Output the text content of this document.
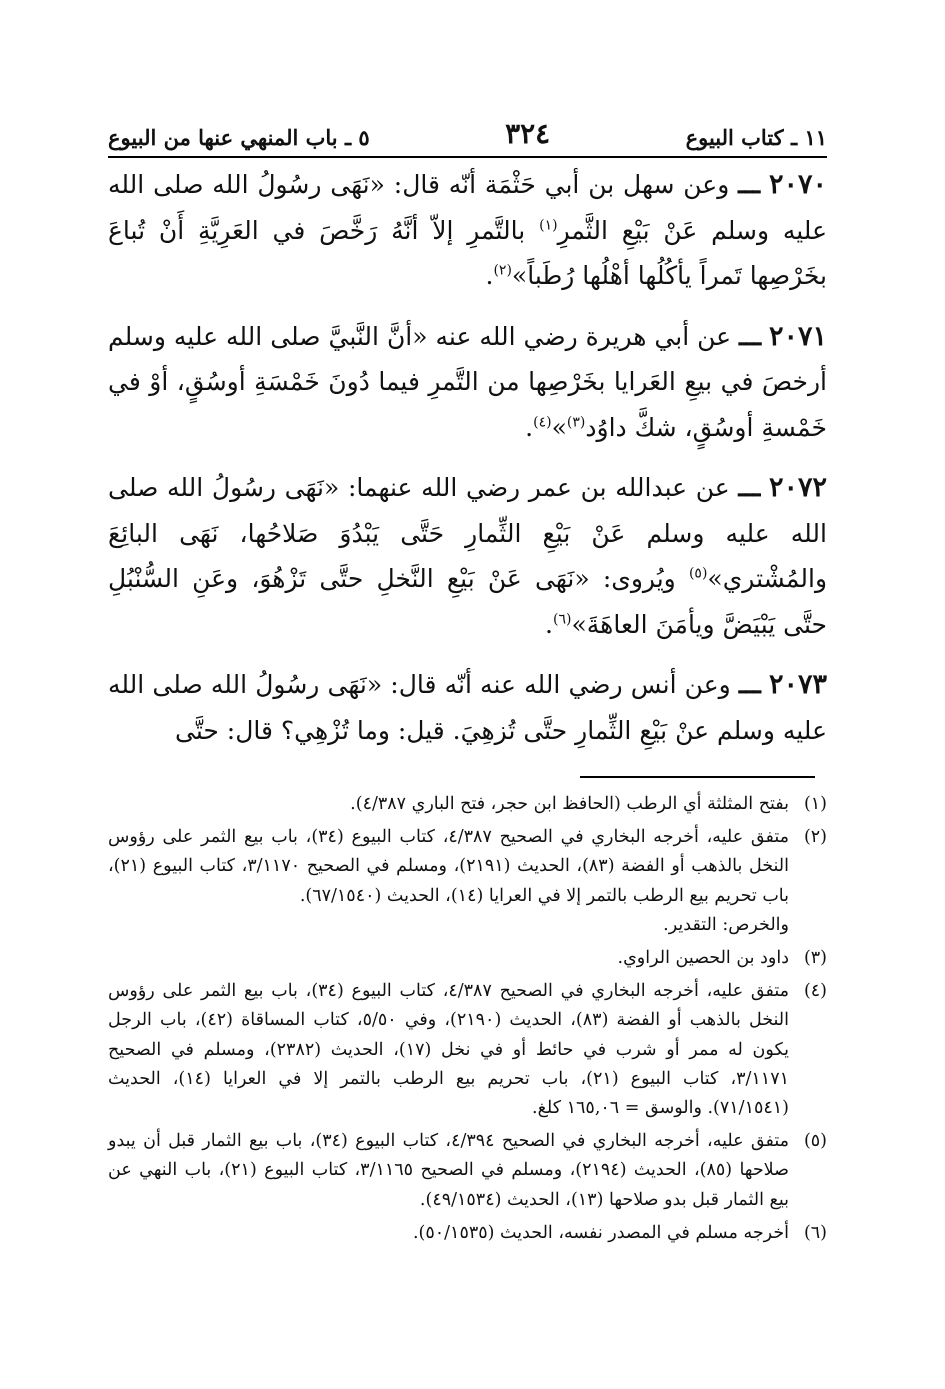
١١ ـ كتاب البيوع
٣٢٤
٥ ـ باب المنهي عنها من البيوع

٢٠٧٠ ـــ وعن سهل بن أبي حَثْمَة أنّه قال: «نَهَى رسُولُ الله صلى الله عليه وسلم عَنْ بَيْعِ الثَّمرِ$^{(١)}$ بالتَّمرِ إلاّ أنَّهُ رَخَّصَ في العَرِيَّةِ أَنْ تُباعَ بخَرْصِها تَمراً يأكُلُها أهْلُها رُطَباً»$^{(٢)}$.

٢٠٧١ ـــ عن أبي هريرة رضي الله عنه «أنَّ النَّبيَّ صلى الله عليه وسلم أرخصَ في بيعِ العَرايا بخَرْصِها من التَّمرِ فيما دُونَ خَمْسَةِ أوسُقٍ، أوْ في خَمْسةِ أوسُقٍ، شكَّ داوُد$^{(٣)}$»$^{(٤)}$.

٢٠٧٢ ـــ عن عبدالله بن عمر رضي الله عنهما: «نَهَى رسُولُ الله صلى الله عليه وسلم عَنْ بَيْعِ الثِّمارِ حَتَّى يَبْدُوَ صَلاحُها، نَهَى البائِعَ والمُشْتري»$^{(٥)}$ ويُروى: «نَهَى عَنْ بَيْعِ النَّخلِ حتَّى تَزْهُوَ، وعَنِ السُّنْبُلِ حتَّى يَبْيَضَّ ويأمَنَ العاهَةَ»$^{(٦)}$.

٢٠٧٣ ـــ وعن أنس رضي الله عنه أنّه قال: «نَهَى رسُولُ الله صلى الله عليه وسلم عنْ بَيْعِ الثِّمارِ حتَّى تُزهِيَ. قيل: وما تُزْهِي؟ قال: حتَّى

(١)

بفتح المثلثة أي الرطب (الحافظ ابن حجر، فتح الباري ٤/٣٨٧).

(٢)

متفق عليه، أخرجه البخاري في الصحيح ٤/٣٨٧، كتاب البيوع (٣٤)، باب بيع الثمر على رؤوس النخل بالذهب أو الفضة (٨٣)، الحديث (٢١٩١)، ومسلم في الصحيح ٣/١١٧٠، كتاب البيوع (٢١)، باب تحريم بيع الرطب بالتمر إلا في العرايا (١٤)، الحديث (٦٧/١٥٤٠).

والخرص: التقدير.

(٣)

داود بن الحصين الراوي.

(٤)

متفق عليه، أخرجه البخاري في الصحيح ٤/٣٨٧، كتاب البيوع (٣٤)، باب بيع الثمر على رؤوس النخل بالذهب أو الفضة (٨٣)، الحديث (٢١٩٠)، وفي ٥/٥٠، كتاب المساقاة (٤٢)، باب الرجل يكون له ممر أو شرب في حائط أو في نخل (١٧)، الحديث (٢٣٨٢)، ومسلم في الصحيح ٣/١١٧١، كتاب البيوع (٢١)، باب تحريم بيع الرطب بالتمر إلا في العرايا (١٤)، الحديث (٧١/١٥٤١). والوسق = ١٦٥,٠٦ كلغ.

(٥)

متفق عليه، أخرجه البخاري في الصحيح ٤/٣٩٤، كتاب البيوع (٣٤)، باب بيع الثمار قبل أن يبدو صلاحها (٨٥)، الحديث (٢١٩٤)، ومسلم في الصحيح ٣/١١٦٥، كتاب البيوع (٢١)، باب النهي عن بيع الثمار قبل بدو صلاحها (١٣)، الحديث (٤٩/١٥٣٤).

(٦)

أخرجه مسلم في المصدر نفسه، الحديث (٥٠/١٥٣٥).
